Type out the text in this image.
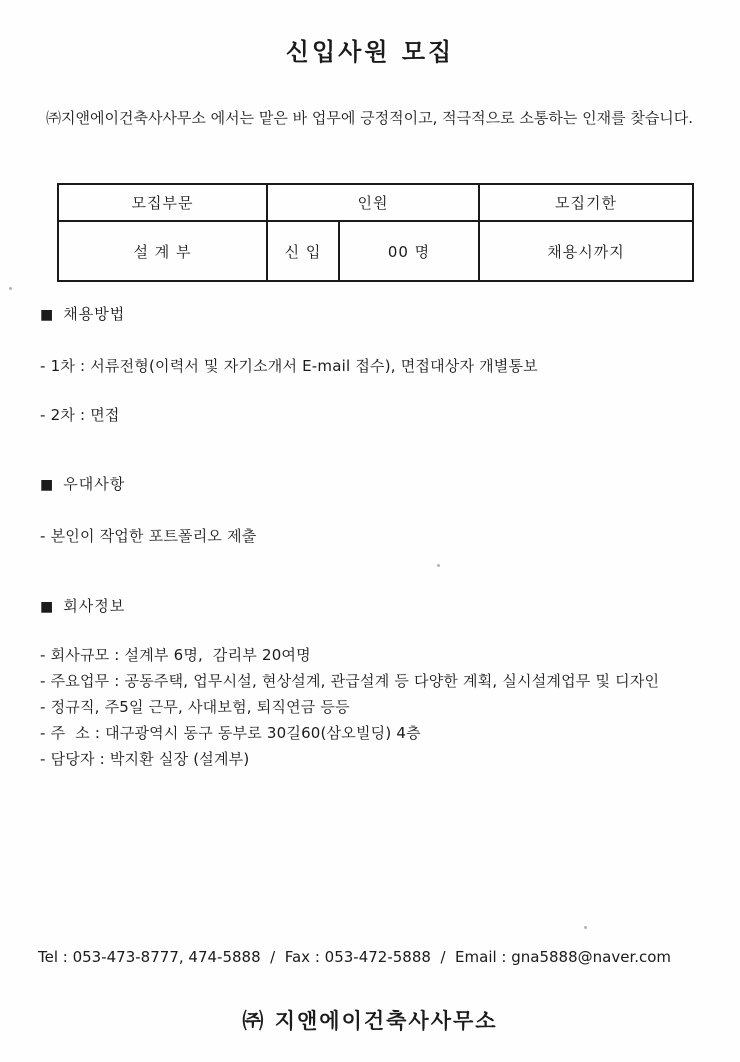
신입사원 모집
㈜지앤에이건축사사무소 에서는 맡은 바 업무에 긍정적이고, 적극적으로 소통하는 인재를 찾습니다.
모집부문	인원		모집기한
설 계 부	신 입	00 명	채용시까지
■ 채용방법
- 1차 : 서류전형(이력서 및 자기소개서 E-mail 접수), 면접대상자 개별통보
- 2차 : 면접
■ 우대사항
- 본인이 작업한 포트폴리오 제출
■ 회사정보
- 회사규모 : 설계부 6명,  감리부 20여명
- 주요업무 : 공동주택, 업무시설, 현상설계, 관급설계 등 다양한 계획, 실시설계업무 및 디자인
- 정규직, 주5일 근무, 사대보험, 퇴직연금 등등
- 주  소 : 대구광역시 동구 동부로 30길60(삼오빌딩) 4층
- 담당자 : 박지환 실장 (설계부)
Tel : 053-473-8777, 474-5888  /  Fax : 053-472-5888  /  Email : gna5888@naver.com
㈜ 지앤에이건축사사무소
